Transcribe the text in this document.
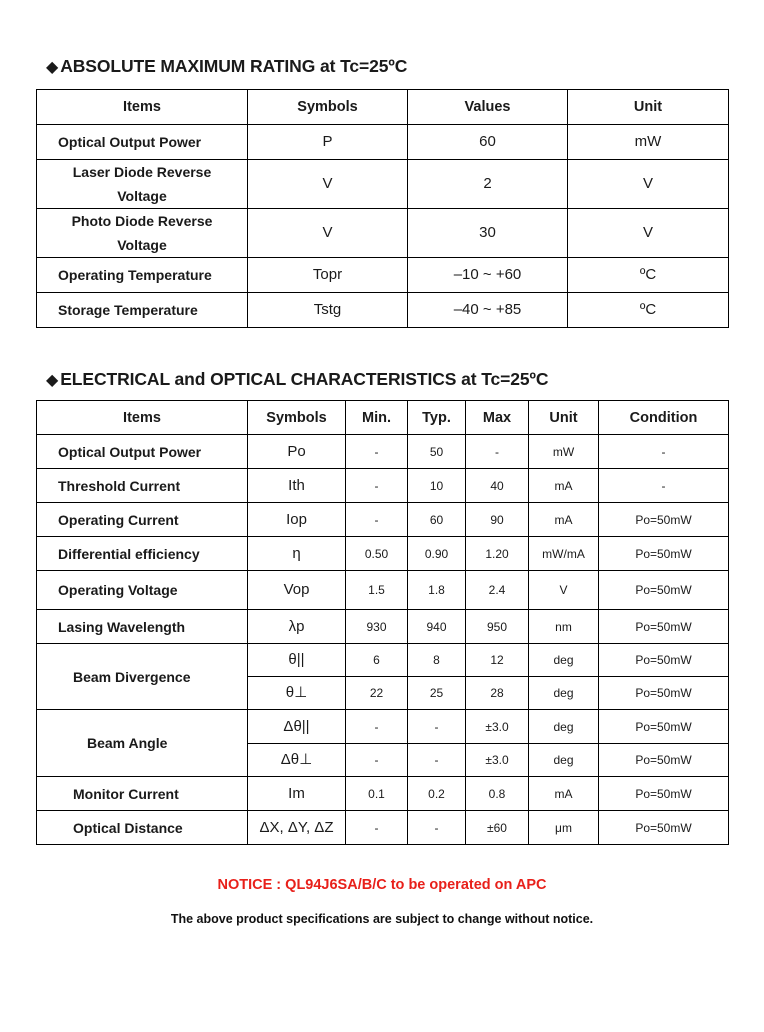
◆ ABSOLUTE MAXIMUM RATING at Tc=25ºC
Items	Symbols	Values	Unit
Optical Output Power	P	60	mW

Laser Diode Reverse
Voltage	V	2	V

Photo Diode Reverse
Voltage	V	30	V
Operating Temperature	Topr	–10 ~ +60	ºC
Storage Temperature	Tstg	–40 ~ +85	ºC
◆ ELECTRICAL and OPTICAL CHARACTERISTICS at Tc=25ºC
Items	Symbols	Min.	Typ.	Max	Unit	Condition
Optical Output Power	Po	-	50	-	mW	-
Threshold Current	Ith	-	10	40	mA	-
Operating Current	Iop	-	60	90	mA	Po=50mW
Differential efficiency	η	0.50	0.90	1.20	mW/mA	Po=50mW
Operating Voltage	Vop	1.5	1.8	2.4	V	Po=50mW
Lasing Wavelength	λp	930	940	950	nm	Po=50mW
Beam Divergence	θ||	6	8	12	deg	Po=50mW
	θ⊥	22	25	28	deg	Po=50mW
Beam Angle	Δθ||	-	-	±3.0	deg	Po=50mW
	Δθ⊥	-	-	±3.0	deg	Po=50mW
Monitor Current	Im	0.1	0.2	0.8	mA	Po=50mW
Optical Distance	ΔX, ΔY, ΔZ	-	-	±60	μm	Po=50mW

NOTICE : QL94J6SA/B/C to be operated on APC

The above product specifications are subject to change without notice.
